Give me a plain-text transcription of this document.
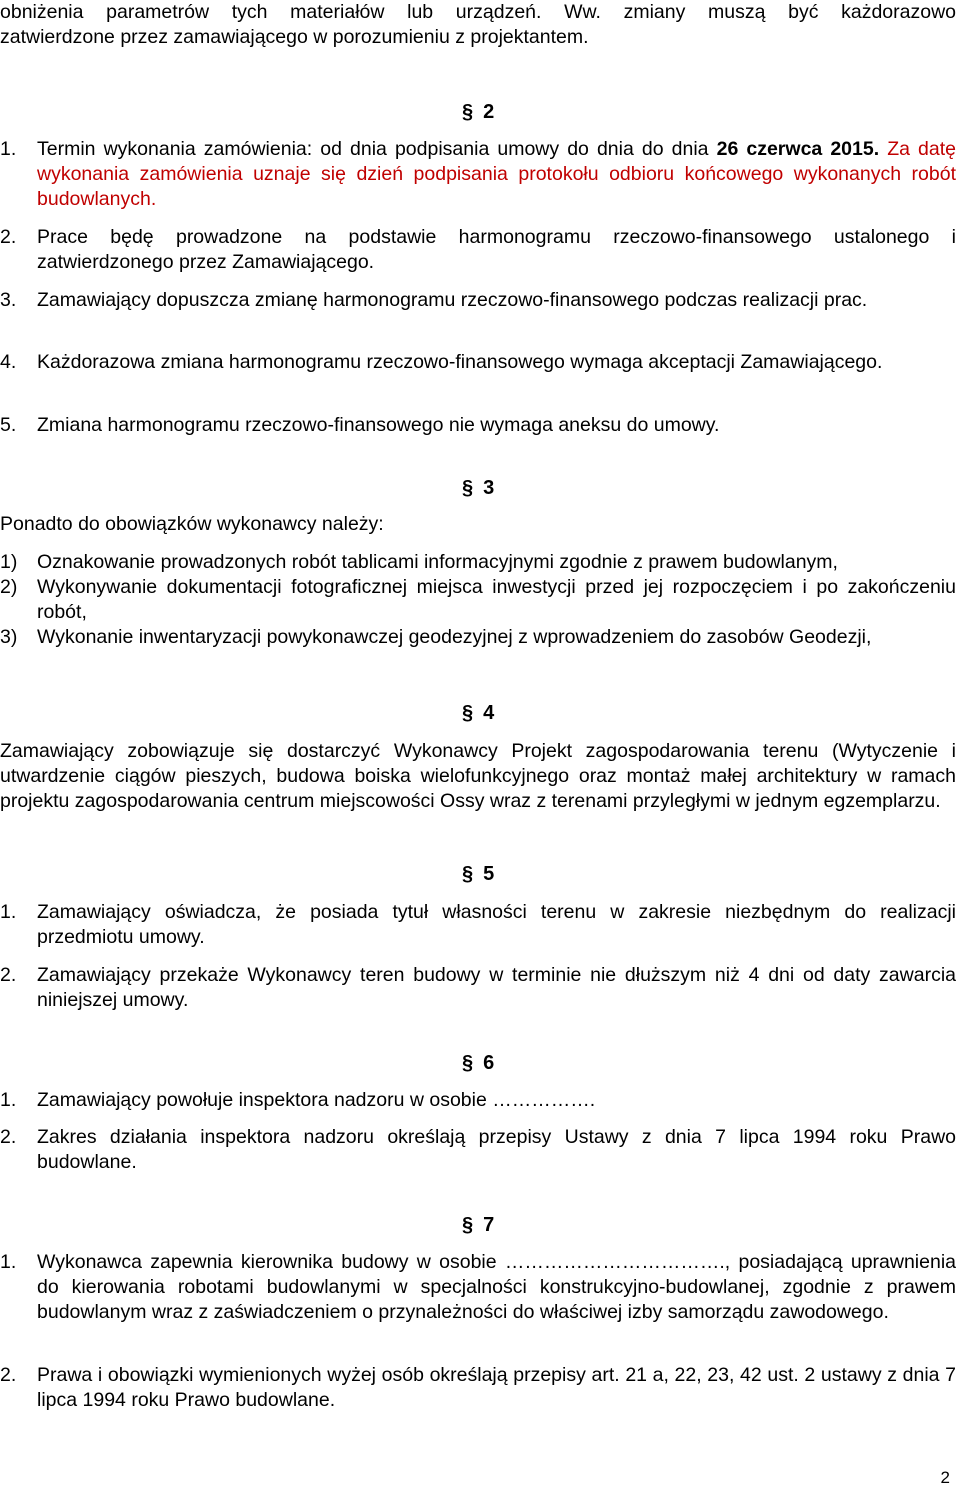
obniżenia parametrów tych materiałów lub urządzeń. Ww. zmiany muszą być każdorazowo
zatwierdzone przez zamawiającego w porozumieniu z projektantem.
§ 2
1. Termin wykonania zamówienia: od dnia podpisania umowy do dnia do dnia 26 czerwca 2015. Za datę wykonania zamówienia uznaje się dzień podpisania protokołu odbioru końcowego wykonanych robót budowlanych.
2. Prace będę prowadzone na podstawie harmonogramu rzeczowo-finansowego ustalonego i zatwierdzonego przez Zamawiającego.
3. Zamawiający dopuszcza zmianę harmonogramu rzeczowo-finansowego podczas realizacji prac.
4. Każdorazowa zmiana harmonogramu rzeczowo-finansowego wymaga akceptacji Zamawiającego.
5. Zmiana harmonogramu rzeczowo-finansowego nie wymaga aneksu do umowy.
§ 3
Ponadto do obowiązków wykonawcy należy:
1) Oznakowanie prowadzonych robót tablicami informacyjnymi zgodnie z prawem budowlanym,
2) Wykonywanie dokumentacji fotograficznej miejsca inwestycji przed jej rozpoczęciem i po zakończeniu robót,
3) Wykonanie inwentaryzacji powykonawczej geodezyjnej z wprowadzeniem do zasobów Geodezji,
§ 4
Zamawiający zobowiązuje się dostarczyć Wykonawcy Projekt zagospodarowania terenu (Wytyczenie i utwardzenie ciągów pieszych, budowa boiska wielofunkcyjnego oraz montaż małej architektury w ramach projektu zagospodarowania centrum miejscowości Ossy wraz z terenami przyległymi w jednym egzemplarzu.
§ 5
1. Zamawiający oświadcza, że posiada tytuł własności terenu w zakresie niezbędnym do realizacji przedmiotu umowy.
2. Zamawiający przekaże Wykonawcy teren budowy w terminie nie dłuższym niż 4 dni od daty zawarcia niniejszej umowy.
§ 6
1. Zamawiający powołuje inspektora nadzoru w osobie …………….
2. Zakres działania inspektora nadzoru określają przepisy Ustawy z dnia 7 lipca 1994 roku Prawo budowlane.
§ 7
1. Wykonawca zapewnia kierownika budowy w osobie ……………………………., posiadającą uprawnienia do kierowania robotami budowlanymi w specjalności konstrukcyjno-budowlanej, zgodnie z prawem budowlanym wraz z zaświadczeniem o przynależności do właściwej izby samorządu zawodowego.
2. Prawa i obowiązki wymienionych wyżej osób określają przepisy art. 21 a, 22, 23, 42 ust. 2 ustawy z dnia 7 lipca 1994 roku Prawo budowlane.
2
